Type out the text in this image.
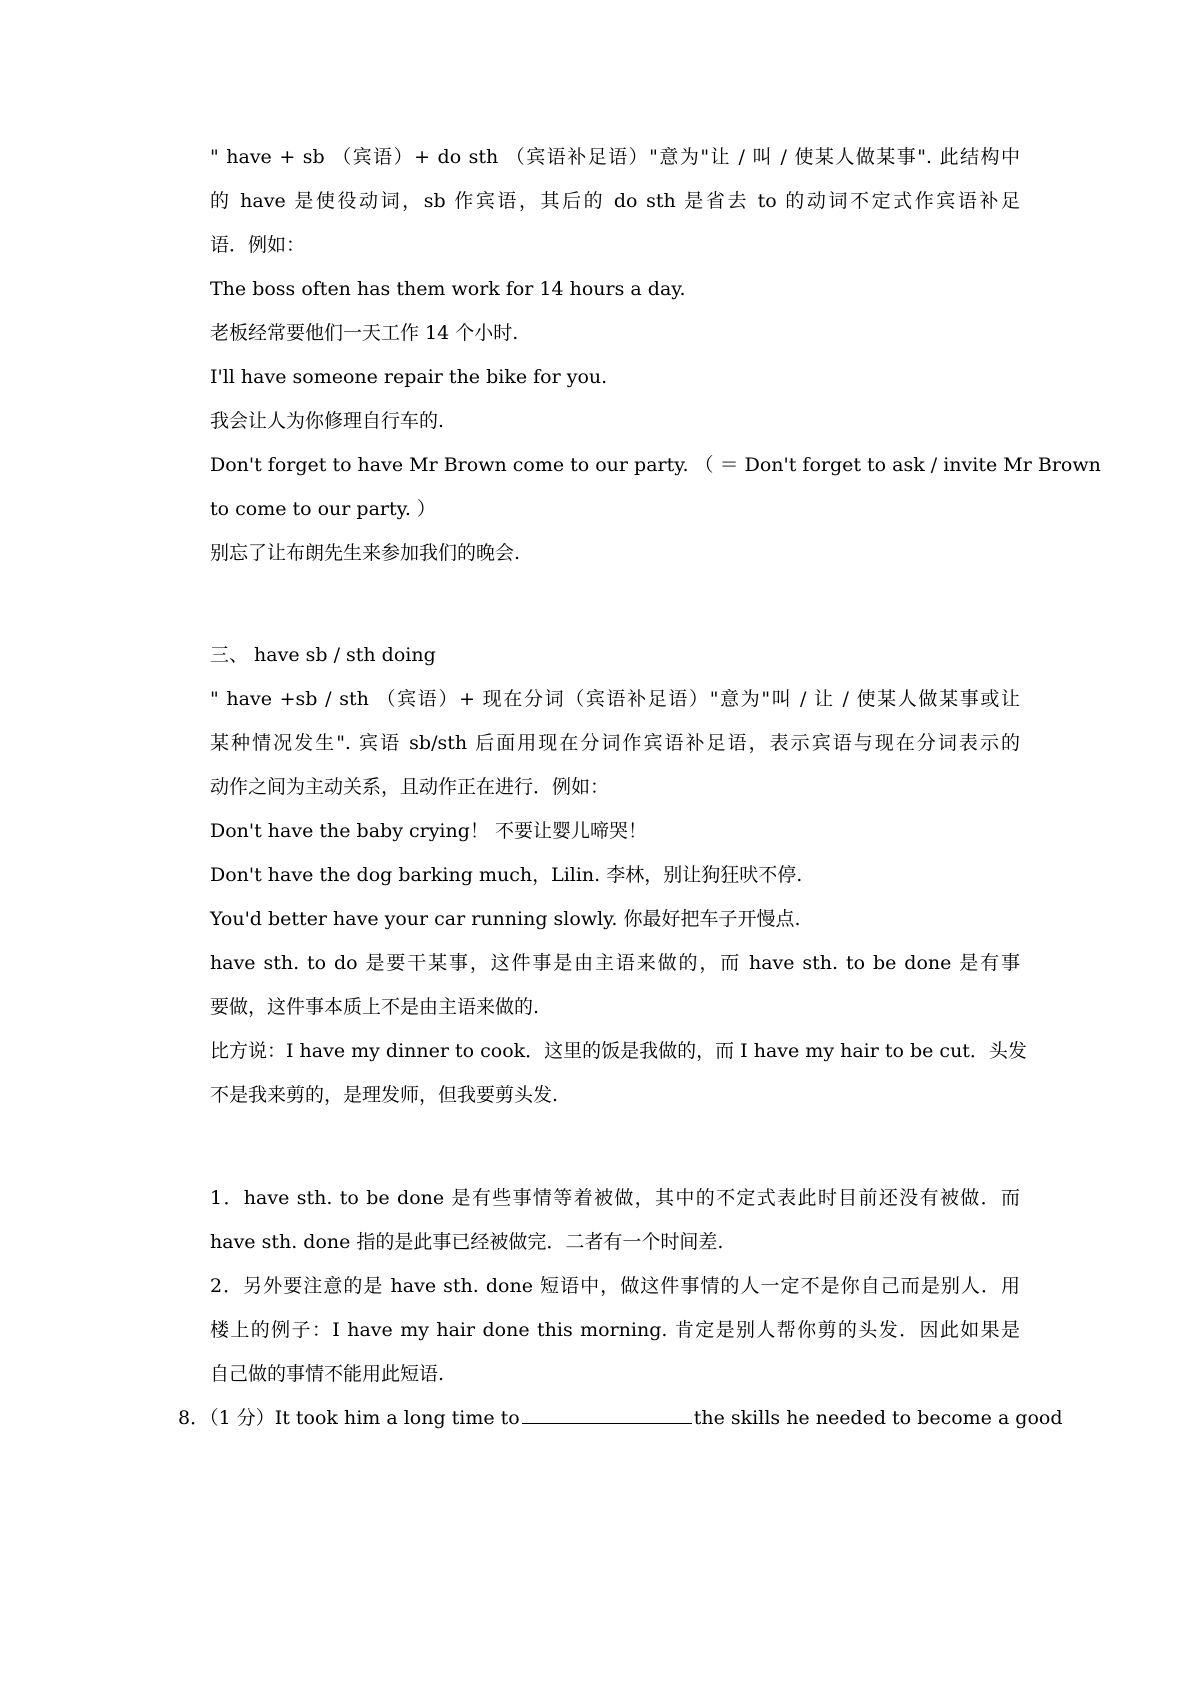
" have + sb （宾语）+ do sth （宾语补足语）"意为"让 / 叫 / 使某人做某事". 此结构中
的 have 是使役动词，sb 作宾语，其后的 do sth 是省去 to 的动词不定式作宾语补足
语．例如：
The boss often has them work for 14 hours a day.
老板经常要他们一天工作 14 个小时.
I'll have someone repair the bike for you.
我会让人为你修理自行车的.
Don't forget to have Mr Brown come to our party. （ ＝ Don't forget to ask / invite Mr Brown
to come to our party. ）
别忘了让布朗先生来参加我们的晚会.
三、 have sb / sth doing
" have +sb / sth （宾语）+ 现在分词（宾语补足语）"意为"叫 / 让 / 使某人做某事或让
某种情况发生". 宾语 sb/sth 后面用现在分词作宾语补足语，表示宾语与现在分词表示的
动作之间为主动关系，且动作正在进行．例如：
Don't have the baby crying！ 不要让婴儿啼哭！
Don't have the dog barking much，Lilin. 李林，别让狗狂吠不停.
You'd better have your car running slowly. 你最好把车子开慢点.
have sth. to do 是要干某事，这件事是由主语来做的，而 have sth. to be done 是有事
要做，这件事本质上不是由主语来做的.
比方说：I have my dinner to cook．这里的饭是我做的，而 I have my hair to be cut．头发
不是我来剪的，是理发师，但我要剪头发.
1．have sth. to be done 是有些事情等着被做，其中的不定式表此时目前还没有被做．而
have sth. done 指的是此事已经被做完．二者有一个时间差.
2．另外要注意的是 have sth. done 短语中，做这件事情的人一定不是你自己而是别人．用
楼上的例子：I have my hair done this morning. 肯定是别人帮你剪的头发．因此如果是
自己做的事情不能用此短语.
8．（1 分）It took him a long time to	the skills he needed to become a good
